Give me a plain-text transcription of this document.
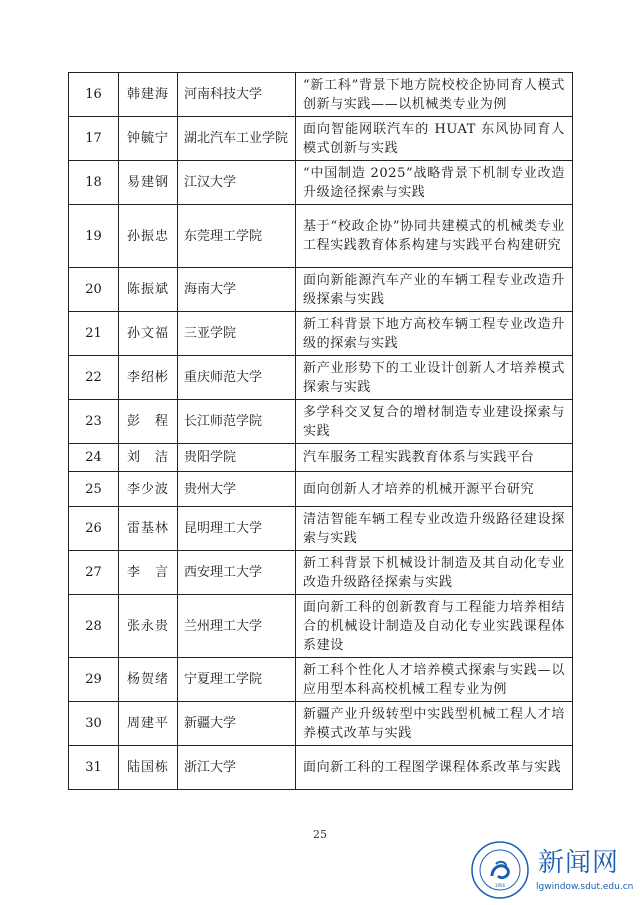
16	韩建海	河南科技大学	“新工科”背景下地方院校校企协同育人模式创新与实践——以机械类专业为例
17	钟毓宁	湖北汽车工业学院	面向智能网联汽车的 HUAT 东风协同育人模式创新与实践
18	易建钢	江汉大学	“中国制造 2025”战略背景下机制专业改造升级途径探索与实践
19	孙振忠	东莞理工学院	基于“校政企协”协同共建模式的机械类专业工程实践教育体系构建与实践平台构建研究
20	陈振斌	海南大学	面向新能源汽车产业的车辆工程专业改造升级探索与实践
21	孙文福	三亚学院	新工科背景下地方高校车辆工程专业改造升级的探索与实践
22	李绍彬	重庆师范大学	新产业形势下的工业设计创新人才培养模式探索与实践
23	彭　程	长江师范学院	多学科交叉复合的增材制造专业建设探索与实践
24	刘　洁	贵阳学院	汽车服务工程实践教育体系与实践平台
25	李少波	贵州大学	面向创新人才培养的机械开源平台研究
26	雷基林	昆明理工大学	清洁智能车辆工程专业改造升级路径建设探索与实践
27	李　言	西安理工大学	新工科背景下机械设计制造及其自动化专业改造升级路径探索与实践
28	张永贵	兰州理工大学	面向新工科的创新教育与工程能力培养相结合的机械设计制造及自动化专业实践课程体系建设
29	杨贺绪	宁夏理工学院	新工科个性化人才培养模式探索与实践—以应用型本科高校机械工程专业为例
30	周建平	新疆大学	新疆产业升级转型中实践型机械工程人才培养模式改革与实践
31	陆国栋	浙江大学	面向新工科的工程图学课程体系改革与实践
25
1956
新闻网
lgwindow.sdut.edu.cn
